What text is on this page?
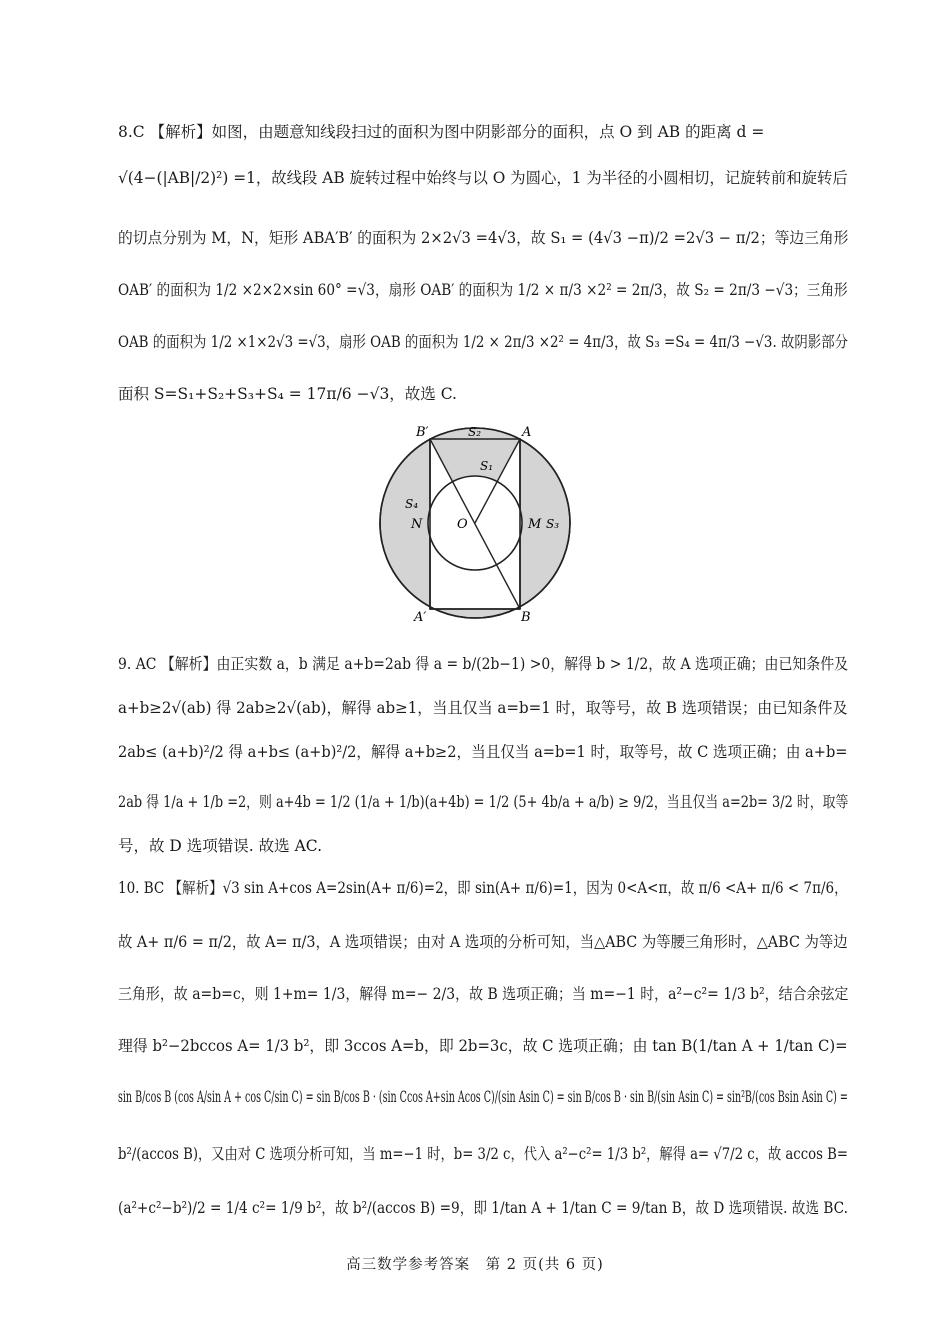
8.C 【解析】如图，由题意知线段扫过的面积为图中阴影部分的面积，点 O 到 AB 的距离 d =
√(4−(|AB|/2)²) =1，故线段 AB 旋转过程中始终与以 O 为圆心，1 为半径的小圆相切，记旋转前和旋转后
的切点分别为 M，N，矩形 ABA′B′ 的面积为 2×2√3 =4√3，故 S₁ = (4√3 −π)/2 =2√3 − π/2；等边三角形
OAB′ 的面积为 1/2 ×2×2×sin 60° =√3，扇形 OAB′ 的面积为 1/2 × π/3 ×2² = 2π/3，故 S₂ = 2π/3 −√3；三角形
OAB 的面积为 1/2 ×1×2√3 =√3，扇形 OAB 的面积为 1/2 × 2π/3 ×2² = 4π/3，故 S₃ =S₄ = 4π/3 −√3. 故阴影部分
面积 S=S₁+S₂+S₃+S₄ = 17π/6 −√3，故选 C.
B′	A
S₂
S₁
S₄
N	O	M S₃
A′	B
9. AC 【解析】由正实数 a，b 满足 a+b=2ab 得 a = b/(2b−1) >0，解得 b > 1/2，故 A 选项正确；由已知条件及
a+b≥2√(ab) 得 2ab≥2√(ab)，解得 ab≥1，当且仅当 a=b=1 时，取等号，故 B 选项错误；由已知条件及
2ab≤ (a+b)²/2 得 a+b≤ (a+b)²/2，解得 a+b≥2，当且仅当 a=b=1 时，取等号，故 C 选项正确；由 a+b=
2ab 得 1/a + 1/b =2，则 a+4b = 1/2 (1/a + 1/b)(a+4b) = 1/2 (5+ 4b/a + a/b) ≥ 9/2，当且仅当 a=2b= 3/2 时，取等
号，故 D 选项错误. 故选 AC.
10. BC 【解析】√3 sin A+cos A=2sin(A+ π/6)=2，即 sin(A+ π/6)=1，因为 0<A<π，故 π/6 <A+ π/6 < 7π/6，
故 A+ π/6 = π/2，故 A= π/3，A 选项错误；由对 A 选项的分析可知，当△ABC 为等腰三角形时，△ABC 为等边
三角形，故 a=b=c，则 1+m= 1/3，解得 m=− 2/3，故 B 选项正确；当 m=−1 时，a²−c²= 1/3 b²，结合余弦定
理得 b²−2bccos A= 1/3 b²，即 3ccos A=b，即 2b=3c，故 C 选项正确；由 tan B(1/tan A + 1/tan C)=
sin B/cos B (cos A/sin A + cos C/sin C) = sin B/cos B · (sin Ccos A+sin Acos C)/(sin Asin C) = sin B/cos B · sin B/(sin Asin C) = sin²B/(cos Bsin Asin C) =
b²/(accos B)，又由对 C 选项分析可知，当 m=−1 时，b= 3/2 c，代入 a²−c²= 1/3 b²，解得 a= √7/2 c，故 accos B=
(a²+c²−b²)/2 = 1/4 c²= 1/9 b²，故 b²/(accos B) =9，即 1/tan A + 1/tan C = 9/tan B，故 D 选项错误. 故选 BC.
高三数学参考答案　第 2 页(共 6 页)
